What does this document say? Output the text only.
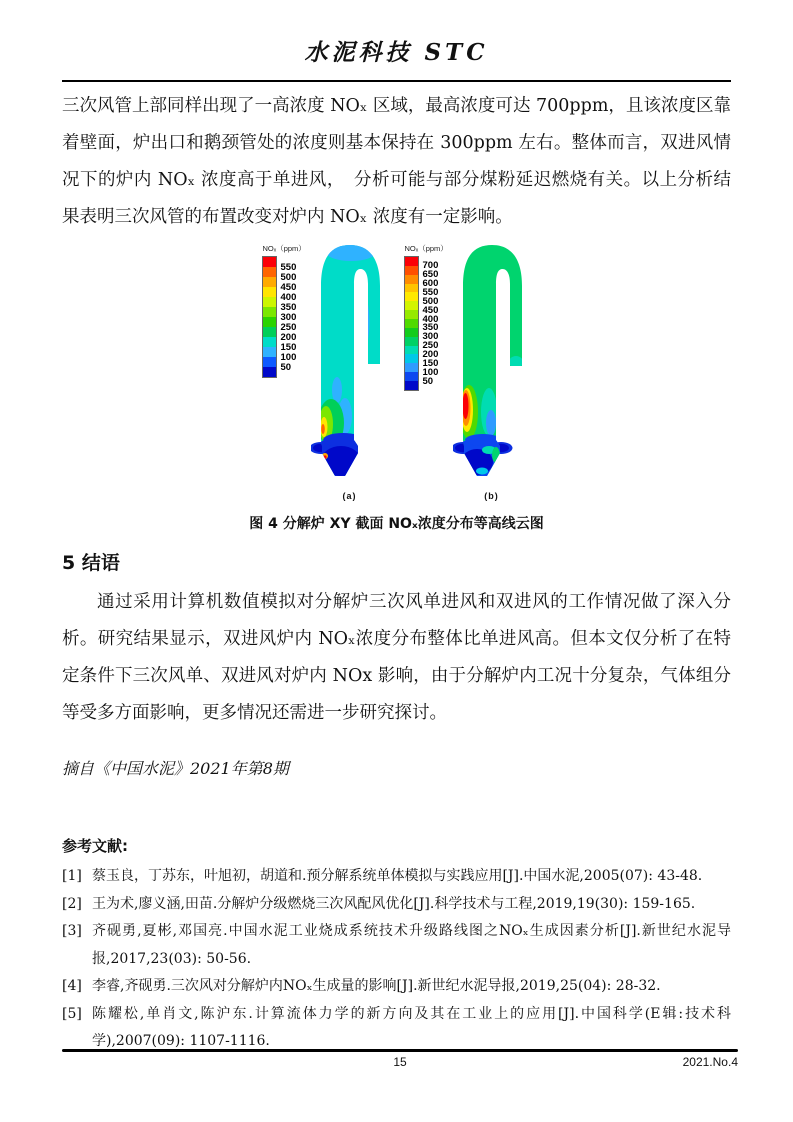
水泥科技 STC

三次风管上部同样出现了一高浓度 NOₓ 区域，最高浓度可达 700ppm，且该浓度区靠着壁面，炉出口和鹅颈管处的浓度则基本保持在 300ppm 左右。整体而言，双进风情况下的炉内 NOₓ 浓度高于单进风，　分析可能与部分煤粉延迟燃烧有关。以上分析结果表明三次风管的布置改变对炉内 NOₓ 浓度有一定影响。

NOₓ（ppm）
550
500
450
400
350
300
250
200
150
100
50
(a)
NOₓ（ppm）
700
650
600
550
500
450
400
350
300
250
200
150
100
50
(b)
图 4 分解炉 XY 截面 NOₓ浓度分布等高线云图
5 结语

通过采用计算机数值模拟对分解炉三次风单进风和双进风的工作情况做了深入分析。研究结果显示，双进风炉内 NOₓ浓度分布整体比单进风高。但本文仅分析了在特定条件下三次风单、双进风对炉内 NOx 影响，由于分解炉内工况十分复杂，气体组分等受多方面影响，更多情况还需进一步研究探讨。

摘自《中国水泥》2021年第8期
参考文献:
[1] 蔡玉良，丁苏东，叶旭初，胡道和.预分解系统单体模拟与实践应用[J].中国水泥,2005(07): 43-48.
[2] 王为术,廖义涵,田苗.分解炉分级燃烧三次风配风优化[J].科学技术与工程,2019,19(30): 159-165.
[3] 齐砚勇,夏彬,邓国亮.中国水泥工业烧成系统技术升级路线图之NOₓ生成因素分析[J].新世纪水泥导报,2017,23(03): 50-56.
[4] 李睿,齐砚勇.三次风对分解炉内NOₓ生成量的影响[J].新世纪水泥导报,2019,25(04): 28-32.
[5] 陈耀松,单肖文,陈沪东.计算流体力学的新方向及其在工业上的应用[J].中国科学(E辑:技术科学),2007(09): 1107-1116.
15	2021.No.4
